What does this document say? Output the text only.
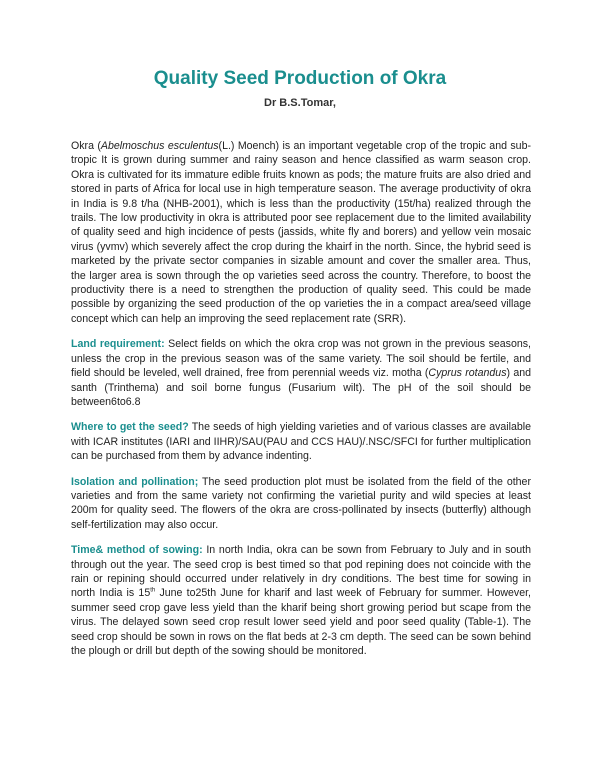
Quality Seed Production of Okra
Dr B.S.Tomar,

Okra (Abelmoschus esculentus(L.) Moench) is an important vegetable crop of the tropic and sub- tropic It is grown during summer and rainy season and hence classified as warm season crop. Okra is cultivated for its immature edible fruits known as pods; the mature fruits are also dried and stored in parts of Africa for local use in high temperature season. The average productivity of okra in India is 9.8 t/ha (NHB-2001), which is less than the productivity (15t/ha) realized through the trails. The low productivity in okra is attributed poor see replacement due to the limited availability of quality seed and high incidence of pests (jassids, white fly and borers) and yellow vein mosaic virus (yvmv) which severely affect the crop during the khairf in the north. Since, the hybrid seed is marketed by the private sector companies in sizable amount and cover the smaller area. Thus, the larger area is sown through the op varieties seed across the country. Therefore, to boost the productivity there is a need to strengthen the production of quality seed. This could be made possible by organizing the seed production of the op varieties the in a compact area/seed village concept which can help an improving the seed replacement rate (SRR).

Land requirement: Select fields on which the okra crop was not grown in the previous seasons, unless the crop in the previous season was of the same variety. The soil should be fertile, and field should be leveled, well drained, free from perennial weeds viz. motha (Cyprus rotandus) and santh (Trinthema) and soil borne fungus (Fusarium wilt). The pH of the soil should be between6to6.8

Where to get the seed? The seeds of high yielding varieties and of various classes are available with ICAR institutes (IARI and IIHR)/SAU(PAU and CCS HAU)/.NSC/SFCI for further multiplication can be purchased from them by advance indenting.

Isolation and pollination; The seed production plot must be isolated from the field of the other varieties and from the same variety not confirming the varietial purity and wild species at least 200m for quality seed. The flowers of the okra are cross-pollinated by insects (butterfly) although self-fertilization may also occur.

Time& method of sowing: In north India, okra can be sown from February to July and in south through out the year. The seed crop is best timed so that pod repining does not coincide with the rain or repining should occurred under relatively in dry conditions. The best time for sowing in north India is 15th June to25th June for kharif and last week of February for summer. However, summer seed crop gave less yield than the kharif being short growing period but scape from the virus. The delayed sown seed crop result lower seed yield and poor seed quality (Table-1). The seed crop should be sown in rows on the flat beds at 2-3 cm depth. The seed can be sown behind the plough or drill but depth of the sowing should be monitored.
